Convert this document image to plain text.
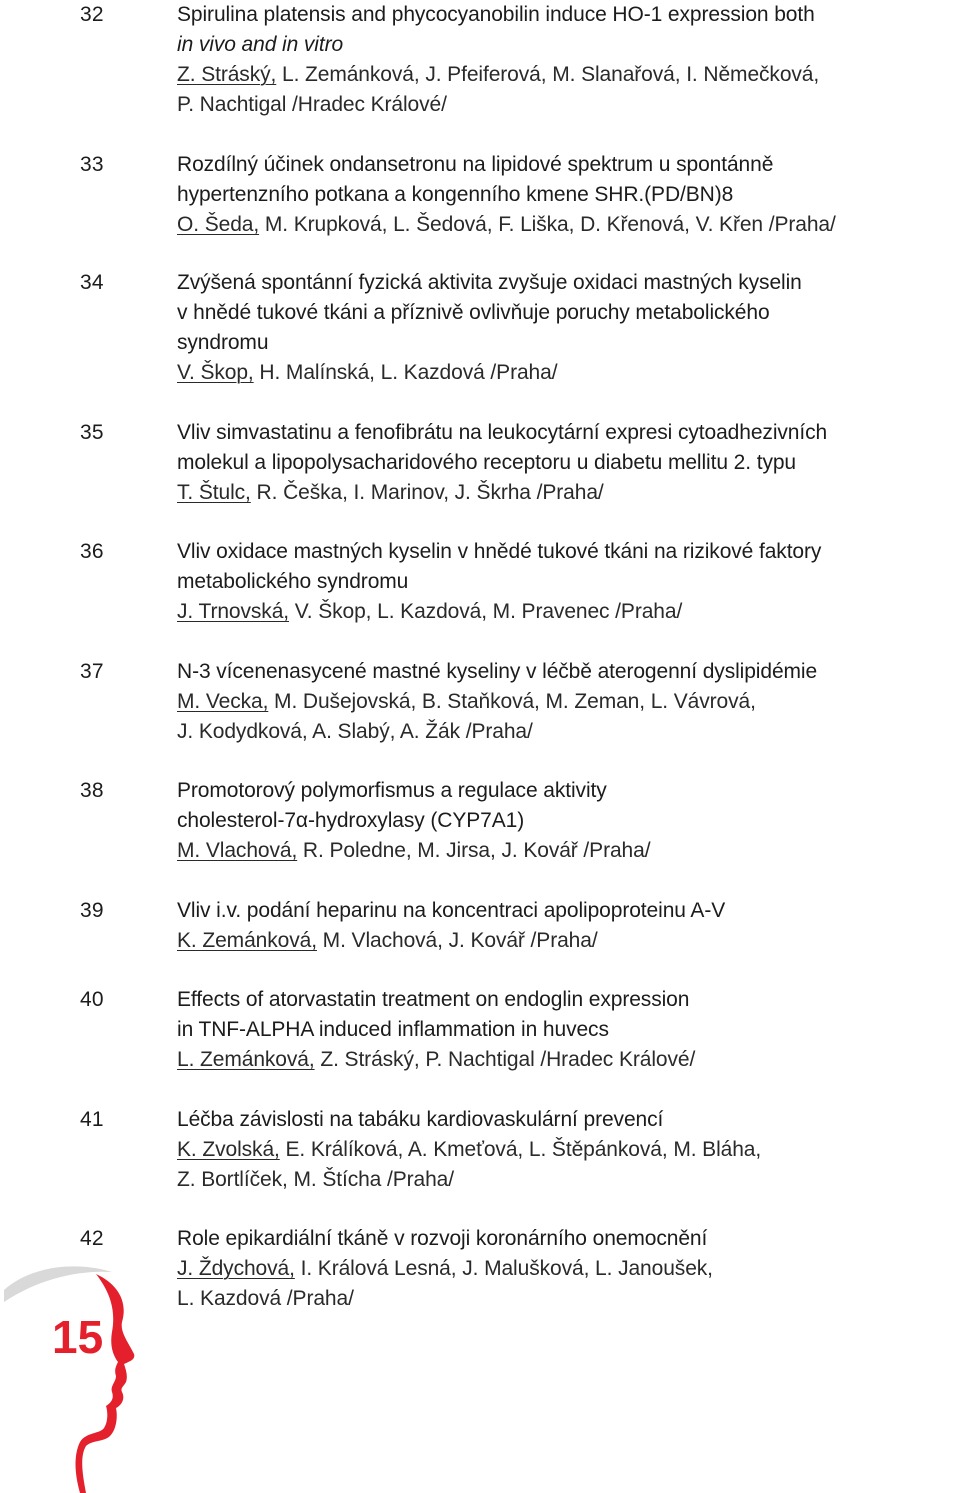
32	Spirulina platensis and phycocyanobilin induce HO-1 expression both
in vivo and in vitro
Z. Stráský, L. Zemánková, J. Pfeiferová, M. Slanařová, I. Němečková,
P. Nachtigal /Hradec Králové/
33	Rozdílný účinek ondansetronu na lipidové spektrum u spontánně
hypertenzního potkana a kongenního kmene SHR.(PD/BN)8
O. Šeda, M. Krupková, L. Šedová, F. Liška, D. Křenová, V. Křen /Praha/
34	Zvýšená spontánní fyzická aktivita zvyšuje oxidaci mastných kyselin
v hnědé tukové tkáni a příznivě ovlivňuje poruchy metabolického
syndromu
V. Škop, H. Malínská, L. Kazdová /Praha/
35	Vliv simvastatinu a fenofibrátu na leukocytární expresi cytoadhezivních
molekul a lipopolysacharidového receptoru u diabetu mellitu 2. typu
T. Štulc, R. Češka, I. Marinov, J. Škrha /Praha/
36	Vliv oxidace mastných kyselin v hnědé tukové tkáni na rizikové faktory
metabolického syndromu
J. Trnovská, V. Škop, L. Kazdová, M. Pravenec /Praha/
37	N-3 vícenenasycené mastné kyseliny v léčbě aterogenní dyslipidémie
M. Vecka, M. Dušejovská, B. Staňková, M. Zeman, L. Vávrová,
J. Kodydková, A. Slabý, A. Žák /Praha/
38	Promotorový polymorfismus a regulace aktivity
cholesterol-7α-hydroxylasy (CYP7A1)
M. Vlachová, R. Poledne, M. Jirsa, J. Kovář /Praha/
39	Vliv i.v. podání heparinu na koncentraci apolipoproteinu A-V
K. Zemánková, M. Vlachová, J. Kovář /Praha/
40	Effects of atorvastatin treatment on endoglin expression
in TNF-ALPHA induced inflammation in huvecs
L. Zemánková, Z. Stráský, P. Nachtigal /Hradec Králové/
41	Léčba závislosti na tabáku kardiovaskulární prevencí
K. Zvolská, E. Králíková, A. Kmeťová, L. Štěpánková, M. Bláha,
Z. Bortlíček, M. Štícha /Praha/
42	Role epikardiální tkáně v rozvoji koronárního onemocnění
J. Ždychová, I. Králová Lesná, J. Malušková, L. Janoušek,
L. Kazdová /Praha/
15
